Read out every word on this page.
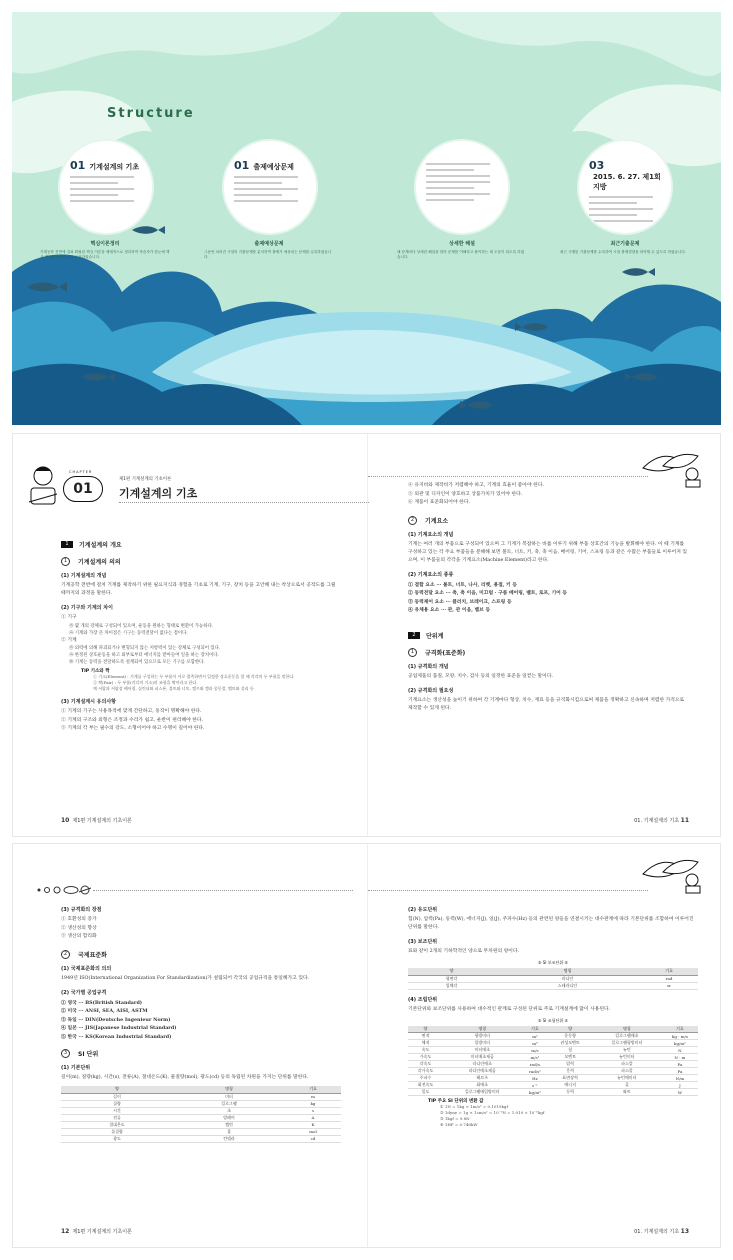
Structure
01 기계설계의 기초	01 출제예상문제	032015. 6. 27. 제1회 지방
핵심이론정리
기계공학 전반에 걸쳐 확립된 핵심 이론을 체계적으로 정리하여 학습자가 한눈에 핵심 개념을 파악하도록 구성하였습니다.
출제예상문제
그동안 치러진 시험의 기출문제를 분석하여 출제가 예상되는 문제를 수록하였습니다.
상세한 해설
매 문제마다 상세한 해설을 달아 문제를 이해하고 풀이하는 데 도움이 되도록 하였습니다.
최근기출문제
최근 시행된 기출문제를 수록하여 시험 출제경향을 파악할 수 있도록 하였습니다.
CHAPTER
01
제1편 기계설계의 기초이론
기계설계의 기초
1	기계설계의 개요
1	기계설계의 의의
(1) 기계설계의 개념
기계공학 전반에 걸쳐 기계를 제작하기 위한 필요지식과 경험을 기초로 기계, 기구, 장치 등을 고안해 내는 착상으로서 공작도를 그릴 때까지의 과정을 말한다.
(2) 기구와 기계의 차이
① 기구
㉮ 몇 개의 강체로 구성되어 있으며, 운동을 원하는 형태로 변환이 가능하다.
㉯ 기계와 가장 큰 차이점은 기구는 동력전달이 없다는 점이다.
② 기계
㉮ 외력에 의해 파괴되거나 변형되지 않는 저항력이 있는 강체로 구성되어 있다.
㉯ 한정된 상호운동을 하고 외부로부터 에너지를 받아들여 일을 하는 장치이다.
㉰ 기계는 동력을 전달하도록 설계되어 있으므로 모든 기구를 포함한다.
TIP 기소와 짝
① 기소(Element) : 기계를 구성하는 두 부품이 서로 접촉하면서 일정한 상호운동을 할 때 각각의 두 부품을 말한다.
② 짝(Pair) : 두 부품(각각의 기소)의 조합을 짝이라고 한다.
예 서랍과 서랍장 베어링, 실린더와 피스톤, 볼트와 너트, 캠프와 캠과 종동절, 벨트와 풀리 등
(3) 기계설계시 유의사항
① 기계의 기구는 사용목적에 맞게 간단하고, 동작이 명확해야 한다.
② 기계의 구조와 외형은 조정과 수리가 쉽고, 운반이 편리해야 한다.
③ 기계의 각 부는 필수의 강도, 소형이어야 하고 수명이 길어야 한다.
10 제1편 기계설계의 기초이론
④ 유지비와 제작비가 저렴해야 하고, 기계의 효율이 좋아야 한다.
⑤ 외관 및 디자인이 양호하고 상품가치가 있어야 한다.
⑥ 재품이 표준화되어야 한다.
2	기계요소
(1) 기계요소의 개념
기계는 여러 개의 부품으로 구성되어 있으며 그 기계가 복잡하는 바를 이루기 위해 부품 상호간의 기능을 발휘해야 한다. 이 때 기계를 구성하고 있는 각 주요 부품들을 분해해 보면 볼트, 너트, 키, 축, 축 이음, 베어링, 기어, 스프링 등과 같은 수많은 부품들로 이루어져 있으며, 이 부품들의 각각을 기계요소(Machine Element)라고 한다.
(2) 기계요소의 종류
① 결합 요소 ··· 볼트, 너트, 나사, 리벳, 용접, 키 등
② 동력전달 요소 ··· 축, 축 이음, 미끄럼 · 구름 베어링, 벨트, 로프, 기어 등
③ 동력제어 요소 ··· 클러치, 브레이크, 스프링 등
④ 유체용 요소 ··· 관, 관 이음, 밸브 등
2	단위계
1	규격화(표준화)
(1) 규격화의 개념
공업제품의 품질, 모양, 치수, 검사 등의 일정한 표준을 일컫는 말이다.
(2) 규격화의 필요성
기계요소는 생산성을 높이기 위하여 각 기계마다 형상, 치수, 재료 등을 규격화시킴으로써 제품을 정확하고 신속하며 저렴한 가격으로 제작할 수 있게 된다.
01. 기계설계의 기초 11
(3) 규격화의 장점
① 호환성의 증가
② 생산성의 향상
③ 생산의 합리화
2	국제표준화
(1) 국제표준화의 의의
1949년 ISO(International Organization For Standardization)가 설립되어 각국의 공업규격을 통일해가고 있다.
(2) 국가별 공업규격
① 영국 ··· BS(British Standard)
② 미국 ··· ANSI, SEA, AISI, ASTM
③ 독일 ··· DIN(Deutsche Ingenieur Norm)
④ 일본 ··· JIS(Japanese Industrial Standard)
⑤ 한국 ··· KS(Korean Industrial Standard)
3	SI 단위
(1) 기본단위
길이(m), 질량(kg), 시간(s), 전류(A), 절대온도(K), 물질량(mol), 광도(cd) 등의 독립된 차원을 가지는 단위를 말한다.
양	명칭	기호
길이	미터	m
질량	킬로그램	kg
시간	초	s
전류	암페어	A
절대온도	켈빈	K
물질량	몰	mol
광도	칸델라	cd
12 제1편 기계설계의 기초이론
(2) 유도단위
힘(N), 압력(Pa), 동력(W), 에너지(J), 일(J), 주파수(Hz) 등의 관련된 양들을 연결시키는 대수관계에 따라 기본단위를 조합하여 이루어진 단위를 말한다.
(3) 보조단위
표와 같이 2개의 기하학적인 양으로 무차원의 양이다.
⑤ SI 보조단위 ⑤
양	명칭	기호
평면각	라디안	rad
입체각	스테라디안	sr
(4) 조립단위
기본단위와 보조단위를 사용하여 대수적인 관계로 구성된 단위로 주로 기계설계에 많이 사용된다.
⑤ SI 조립단위 ⑤
양	명칭	기호	양	명칭	기호
면적	평방미터	m²	운동량	킬로그램매초	kg · m/s
체적	입방미터	m³	관성모멘트	킬로그램평방미터	kg/m²
속도	미터매초	m/s	힘	뉴턴	N
가속도	미터매초제곱	m/s²	모멘트	뉴턴미터	N · m
각속도	라디안매초	rad/s	압력	파스칼	Pa
각가속도	라디안매초제곱	rad/s²	응력	파스칼	Pa
주파수	헤르츠	Hz	표면장력	뉴턴매미터	N/m
회전속도	회매초	s⁻¹	에너지	줄	J
밀도	킬로그램매입방미터	kg/m³	동력	와트	W
TIP 주요 SI 단위의 변환 값
① 1N = 1kg × 1m/s² = 0.1019kgf
② 1dyne = 1g × 1cm/s² = 10⁻⁵N = 1.019 × 10⁻⁶kgf
③ 1kgf = 9.8N
④ 1HP = 0.746kW
01. 기계설계의 기초 13
